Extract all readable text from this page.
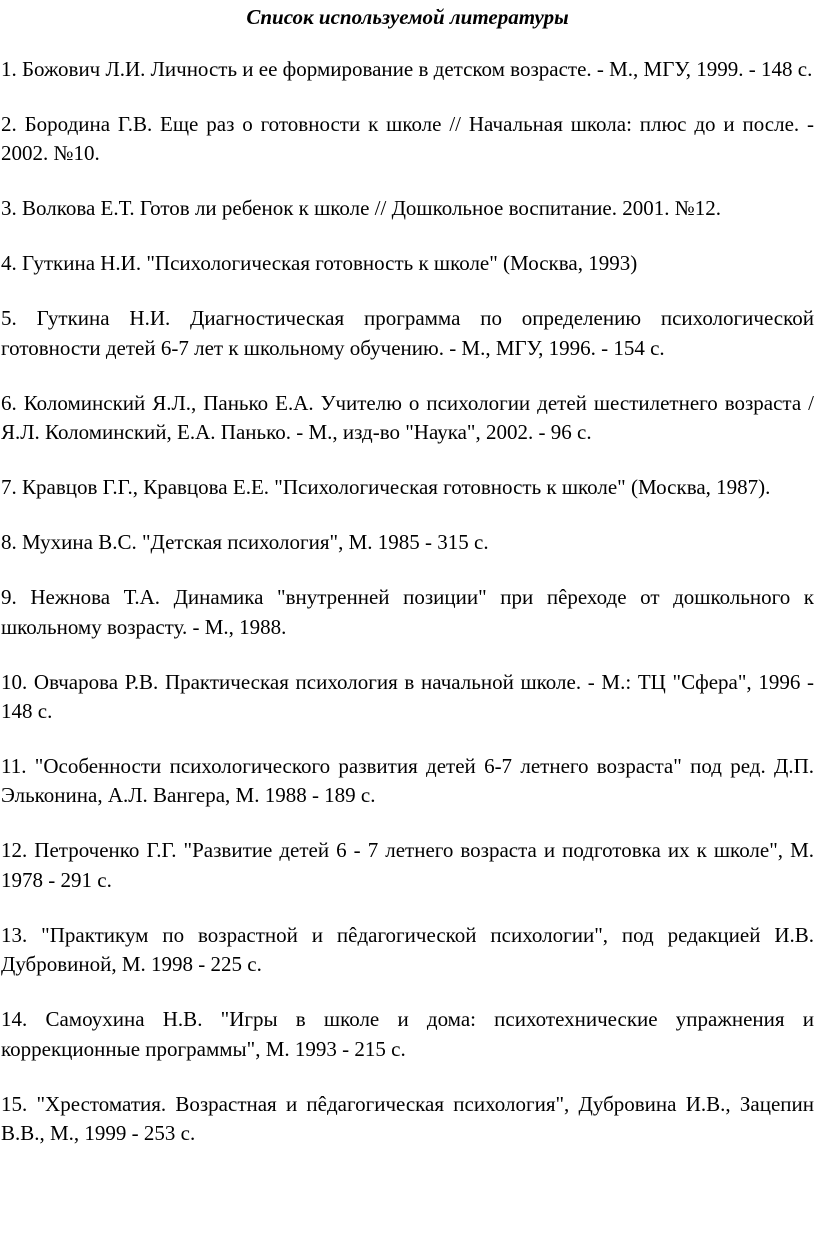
Список используемой литературы
1. Божович Л.И. Личность и ее формирование в детском возрасте. - М., МГУ, 1999. - 148 с.
2. Бородина Г.В. Еще раз о готовности к школе // Начальная школа: плюс до и после. - 2002. №10.
3. Волкова Е.Т. Готов ли ребенок к школе // Дошкольное воспитание. 2001. №12.
4. Гуткина Н.И. "Психологическая готовность к школе" (Москва, 1993)
5. Гуткина Н.И. Диагностическая программа по определению психологической готовности детей 6-7 лет к школьному обучению. - М., МГУ, 1996. - 154 с.
6. Коломинский Я.Л., Панько Е.А. Учителю о психологии детей шестилетнего возраста / Я.Л. Коломинский, Е.А. Панько. - М., изд-во "Наука", 2002. - 96 с.
7. Кравцов Г.Г., Кравцова Е.Е. "Психологическая готовность к школе" (Москва, 1987).
8. Мухина В.С. "Детская психология", М. 1985 - 315 с.
9. Нежнова Т.А. Динамика "внутренней позиции" при пêреходе от дошкольного к школьному возрасту. - М., 1988.
10. Овчарова Р.В. Практическая психология в начальной школе. - М.: ТЦ "Сфера", 1996 - 148 с.
11. "Особенности психологического развития детей 6-7 летнего возраста" под ред. Д.П. Эльконина, А.Л. Вангера, М. 1988 - 189 с.
12. Петроченко Г.Г. "Развитие детей 6 - 7 летнего возраста и подготовка их к школе", М. 1978 - 291 с.
13. "Практикум по возрастной и пêдагогической психологии", под редакцией И.В. Дубровиной, М. 1998 - 225 с.
14. Самоухина Н.В. "Игры в школе и дома: психотехнические упражнения и коррекционные программы", М. 1993 - 215 с.
15. "Хрестоматия. Возрастная и пêдагогическая психология", Дубровина И.В., Зацепин В.В., М., 1999 - 253 с.
